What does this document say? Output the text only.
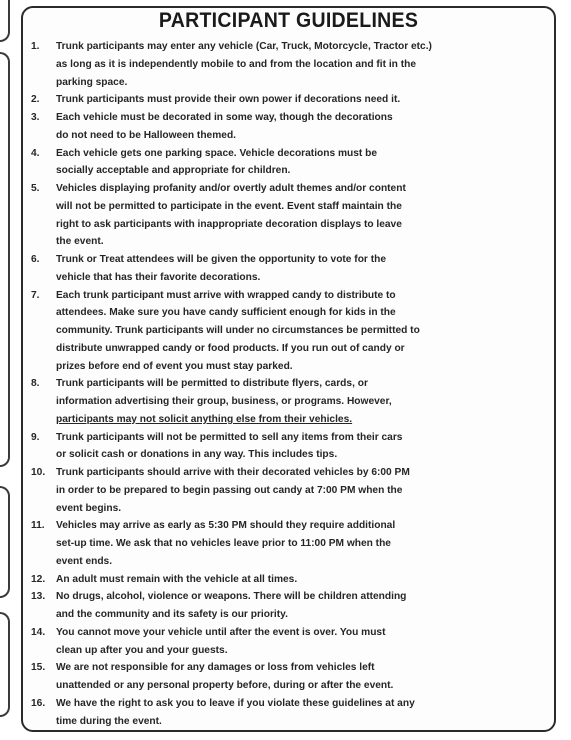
PARTICIPANT GUIDELINES
1.	Trunk participants may enter any vehicle (Car, Truck, Motorcycle, Tractor etc.)
as long as it is independently mobile to and from the location and fit in the
parking space.
2.	Trunk participants must provide their own power if decorations need it.
3.	Each vehicle must be decorated in some way, though the decorations
do not need to be Halloween themed.
4.	Each vehicle gets one parking space. Vehicle decorations must be
socially acceptable and appropriate for children.
5.	Vehicles displaying profanity and/or overtly adult themes and/or content
will not be permitted to participate in the event. Event staff maintain the
right to ask participants with inappropriate decoration displays to leave
the event.
6.	Trunk or Treat attendees will be given the opportunity to vote for the
vehicle that has their favorite decorations.
7.	Each trunk participant must arrive with wrapped candy to distribute to
attendees. Make sure you have candy sufficient enough for kids in the
community. Trunk participants will under no circumstances be permitted to
distribute unwrapped candy or food products. If you run out of candy or
prizes before end of event you must stay parked.
8.	Trunk participants will be permitted to distribute flyers, cards, or
information advertising their group, business, or programs. However,
participants may not solicit anything else from their vehicles.
9.	Trunk participants will not be permitted to sell any items from their cars
or solicit cash or donations in any way. This includes tips.
10.	Trunk participants should arrive with their decorated vehicles by 6:00 PM
in order to be prepared to begin passing out candy at 7:00 PM when the
event begins.
11.	Vehicles may arrive as early as 5:30 PM should they require additional
set-up time. We ask that no vehicles leave prior to 11:00 PM when the
event ends.
12.	An adult must remain with the vehicle at all times.
13.	No drugs, alcohol, violence or weapons. There will be children attending
and the community and its safety is our priority.
14.	You cannot move your vehicle until after the event is over. You must
clean up after you and your guests.
15.	We are not responsible for any damages or loss from vehicles left
unattended or any personal property before, during or after the event.
16.	We have the right to ask you to leave if you violate these guidelines at any
time during the event.
